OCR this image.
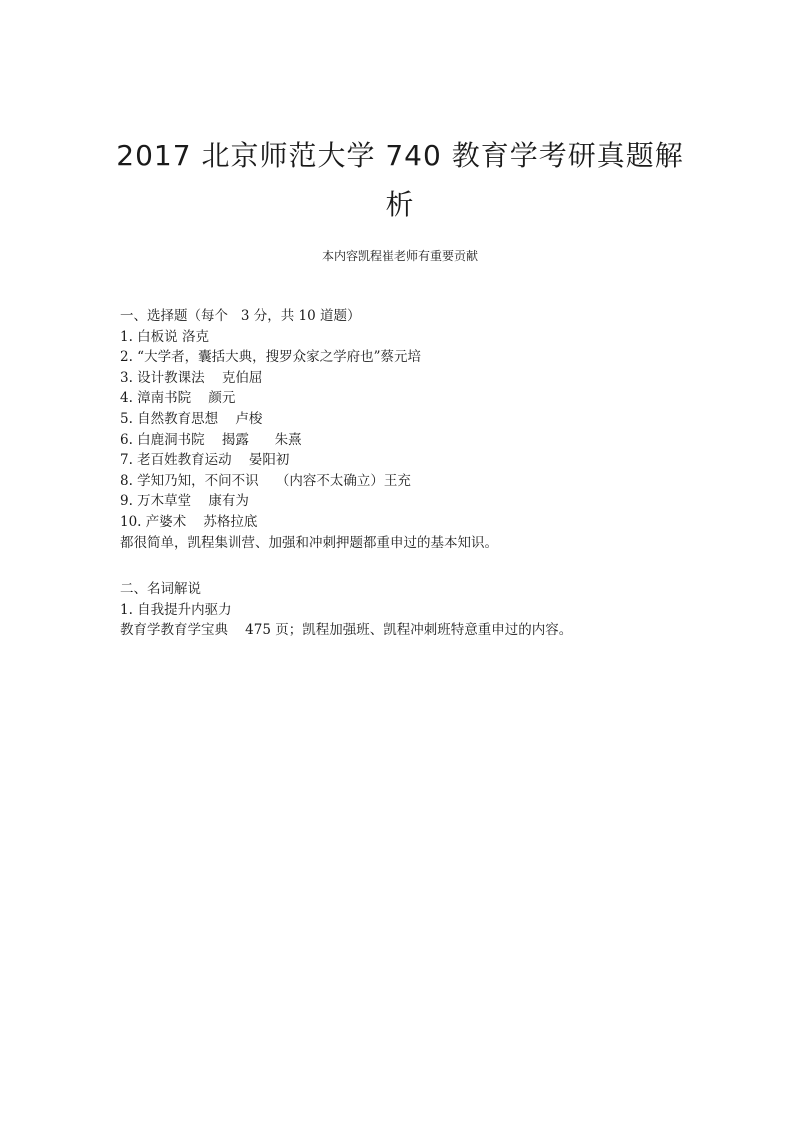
2017 北京师范大学 740 教育学考研真题解
析
本内容凯程崔老师有重要贡献
一、选择题（每个   3 分，共 10 道题）
1. 白板说 洛克
2. “大学者，囊括大典，搜罗众家之学府也”蔡元培
3. 设计教课法    克伯屈
4. 漳南书院    颜元
5. 自然教育思想    卢梭
6. 白鹿洞书院    揭露      朱熹
7. 老百姓教育运动    晏阳初
8. 学知乃知，不问不识    （内容不太确立）王充
9. 万木草堂    康有为
10. 产婆术    苏格拉底
都很简单，凯程集训营、加强和冲刺押题都重申过的基本知识。
二、名词解说
1. 自我提升内驱力
教育学教育学宝典    475 页；凯程加强班、凯程冲刺班特意重申过的内容。
